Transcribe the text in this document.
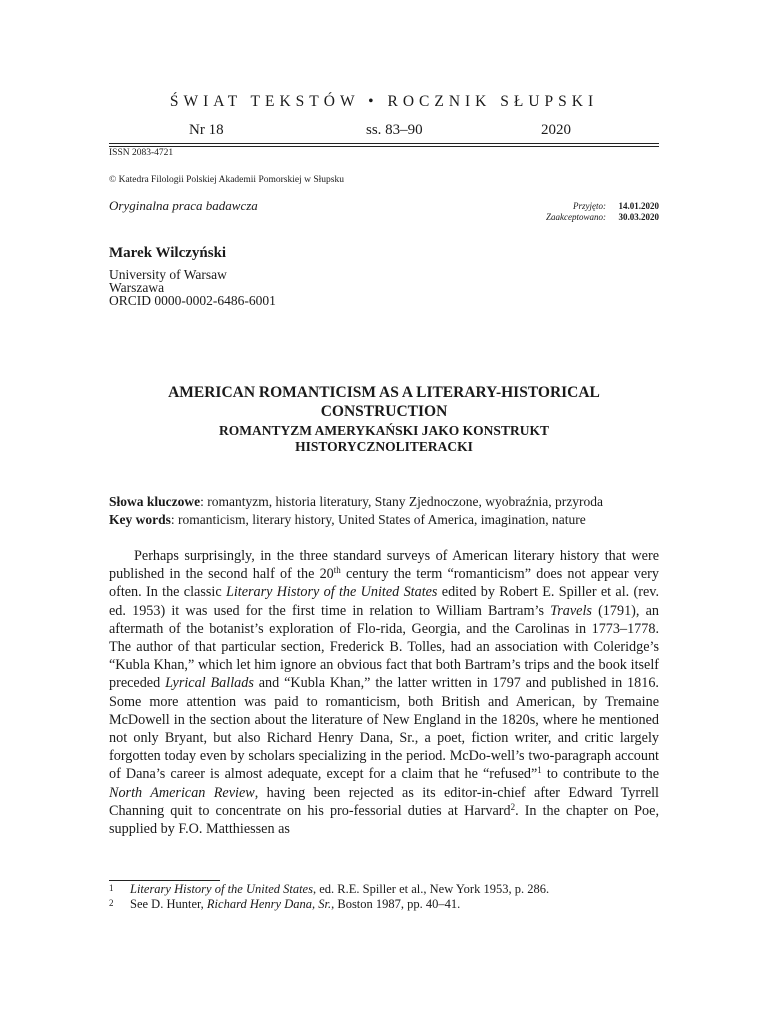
ŚWIAT TEKSTÓW • ROCZNIK SŁUPSKI
Nr 18	ss. 83–90	2020
ISSN 2083-4721
© Katedra Filologii Polskiej Akademii Pomorskiej w Słupsku
Oryginalna praca badawcza	Przyjęto:	14.01.2020
Zaakceptowano:	30.03.2020
Marek Wilczyński
University of Warsaw
Warszawa
ORCID 0000-0002-6486-6001
AMERICAN ROMANTICISM AS A LITERARY-HISTORICAL
CONSTRUCTION
ROMANTYZM AMERYKAŃSKI JAKO KONSTRUKT
HISTORYCZNOLITERACKI
Słowa kluczowe: romantyzm, historia literatury, Stany Zjednoczone, wyobraźnia, przyroda
Key words: romanticism, literary history, United States of America, imagination, nature
Perhaps surprisingly, in the three standard surveys of American literary history that were published in the second half of the 20th century the term “romanticism” does not appear very often. In the classic Literary History of the United States edited by Robert E. Spiller et al. (rev. ed. 1953) it was used for the first time in relation to William Bartram’s Travels (1791), an aftermath of the botanist’s exploration of Flo-rida, Georgia, and the Carolinas in 1773–1778. The author of that particular section, Frederick B. Tolles, had an association with Coleridge’s “Kubla Khan,” which let him ignore an obvious fact that both Bartram’s trips and the book itself preceded Lyrical Ballads and “Kubla Khan,” the latter written in 1797 and published in 1816. Some more attention was paid to romanticism, both British and American, by Tremaine McDowell in the section about the literature of New England in the 1820s, where he mentioned not only Bryant, but also Richard Henry Dana, Sr., a poet, fiction writer, and critic largely forgotten today even by scholars specializing in the period. McDo-well’s two-paragraph account of Dana’s career is almost adequate, except for a claim that he “refused”$^1$ to contribute to the North American Review, having been rejected as its editor-in-chief after Edward Tyrrell Channing quit to concentrate on his pro-fessorial duties at Harvard$^2$. In the chapter on Poe, supplied by F.O. Matthiessen as
1	Literary History of the United States, ed. R.E. Spiller et al., New York 1953, p. 286.
2	See D. Hunter, Richard Henry Dana, Sr., Boston 1987, pp. 40–41.
